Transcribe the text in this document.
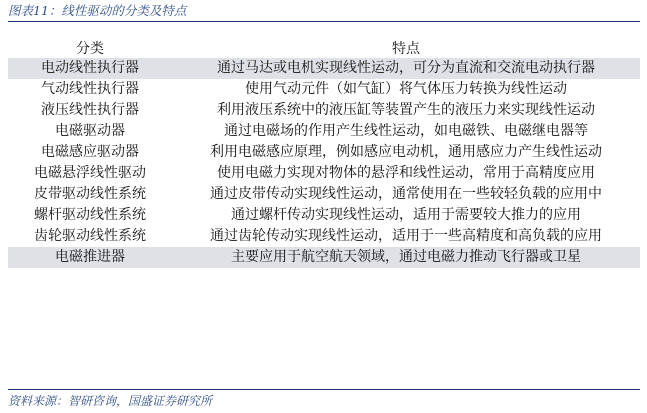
图表11：线性驱动的分类及特点
分类	特点
电动线性执行器	通过马达或电机实现线性运动，可分为直流和交流电动执行器
气动线性执行器	使用气动元件（如气缸）将气体压力转换为线性运动
液压线性执行器	利用液压系统中的液压缸等装置产生的液压力来实现线性运动
电磁驱动器	通过电磁场的作用产生线性运动，如电磁铁、电磁继电器等
电磁感应驱动器	利用电磁感应原理，例如感应电动机，通用感应力产生线性运动
电磁悬浮线性驱动	使用电磁力实现对物体的悬浮和线性运动，常用于高精度应用
皮带驱动线性系统	通过皮带传动实现线性运动，通常使用在一些较轻负载的应用中
螺杆驱动线性系统	通过螺杆传动实现线性运动，适用于需要较大推力的应用
齿轮驱动线性系统	通过齿轮传动实现线性运动，适用于一些高精度和高负载的应用
电磁推进器	主要应用于航空航天领域，通过电磁力推动飞行器或卫星
资料来源：智研咨询，国盛证券研究所
